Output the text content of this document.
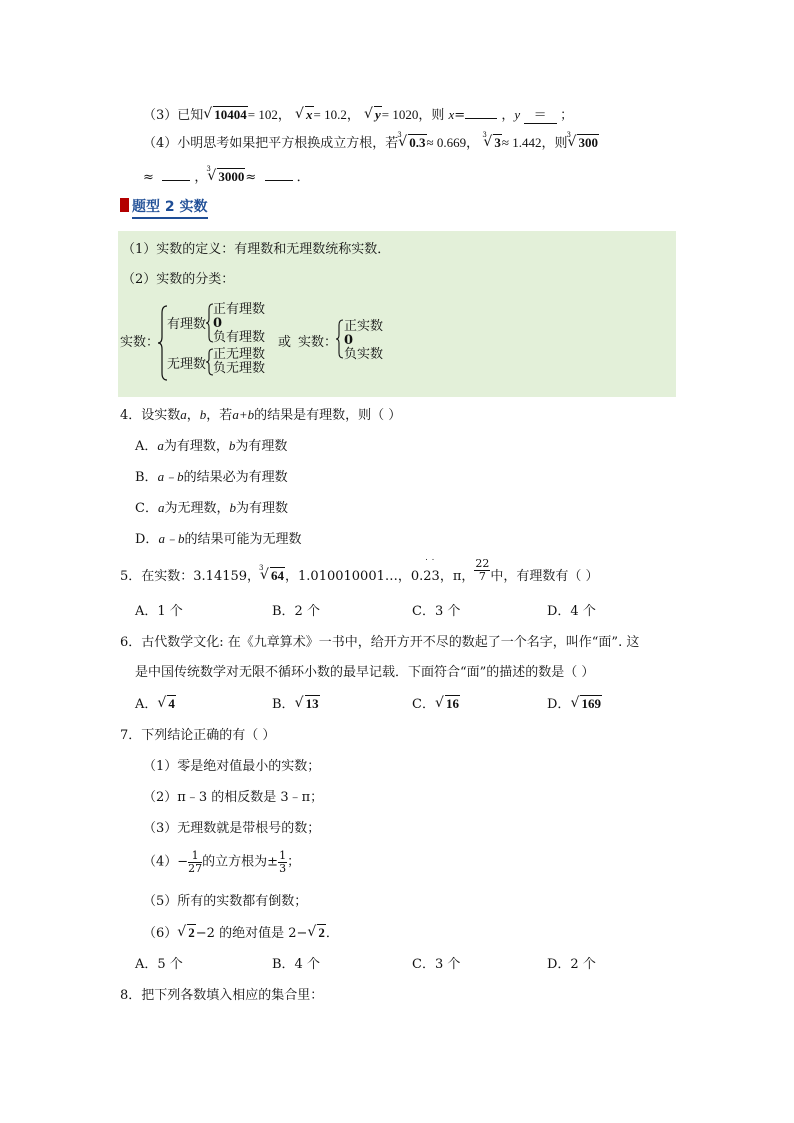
（3）已知 √ 10404= 102， √ x= 10.2， √ y= 1020，则 x=	，y ＝ ；
（4）小明思考如果把平方根换成立方根，若
√ 3 0.3≈ 0.669， √ 3 3≈ 1.442，则 √ 3 300
≈	，
√ 3 3000≈	．
题型 2 实数
（1）实数的定义：有理数和无理数统称实数．
（2）实数的分类：
实数：
有理数
正有理数
0
负有理数
无理数
正无理数
负无理数
或 实数：
正实数
0
负实数
4．设实数a，b，若a+b的结果是有理数，则（ ）
A．a为有理数，b为有理数
B．a﹣b的结果必为有理数
C．a为无理数，b为有理数
D．a﹣b的结果可能为无理数
5．在实数：3.14159，
√ 3 64，1.010010001…，0.
˙˙
23，π， $\frac{22}{7}$ 中，有理数有（ ）
A．1 个	B．2 个	C．3 个	D．4 个
6．古代数学文化: 在《九章算术》一书中，给开方开不尽的数起了一个名字，叫作“面”. 这
是中国传统数学对无限不循环小数的最早记载．下面符合“面”的描述的数是（ ）
A． √ 4	B． √ 13	C． √ 16	D． √ 169
7．下列结论正确的有（ ）
（1）零是绝对值最小的实数；
（2）π﹣3 的相反数是 3﹣π；
（3）无理数就是带根号的数；
$(4)- \frac{1}{27}$ 的立方根为± $\frac{1}{3}$ ；
（5）所有的实数都有倒数；
（6） √ 2−2 的绝对值是 2− √ 2．
A．5 个	B．4 个	C．3 个	D．2 个
8．把下列各数填入相应的集合里：
